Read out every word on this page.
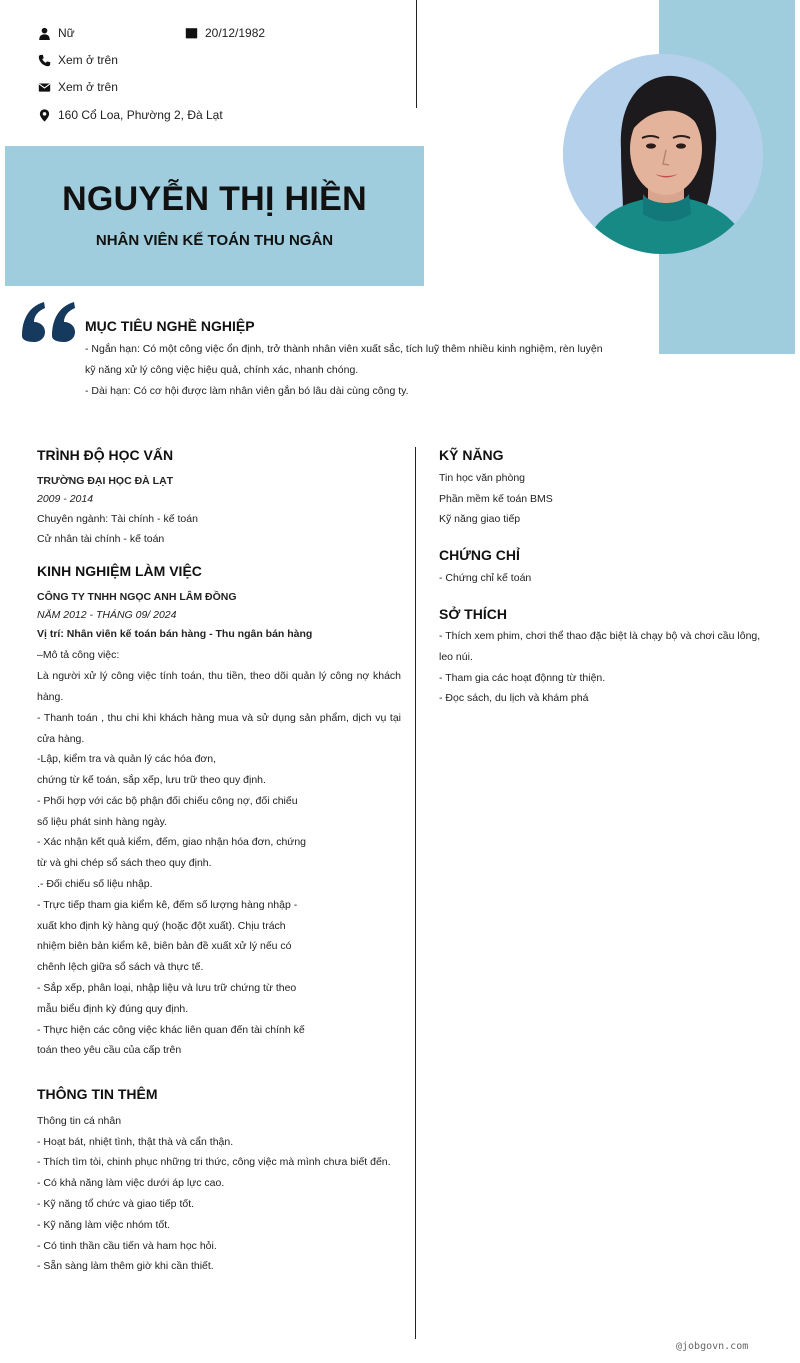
Nữ	20/12/1982
Xem ở trên
Xem ở trên
160 Cổ Loa, Phường 2, Đà Lạt
NGUYỄN THỊ HIỀN
NHÂN VIÊN KẾ TOÁN THU NGÂN
MỤC TIÊU NGHỀ NGHIỆP
- Ngắn hạn: Có một công việc ổn định, trở thành nhân viên xuất sắc, tích luỹ thêm nhiều kinh nghiệm, rèn luyện
kỹ năng xử lý công việc hiệu quả, chính xác, nhanh chóng.
- Dài hạn: Có cơ hội được làm nhân viên gắn bó lâu dài cùng công ty.
TRÌNH ĐỘ HỌC VẤN
TRƯỜNG ĐẠI HỌC ĐÀ LẠT
2009 - 2014
Chuyên ngành: Tài chính - kế toán
Cử nhân tài chính - kế toán
KINH NGHIỆM LÀM VIỆC
CÔNG TY TNHH NGỌC ANH LÂM ĐỒNG
NĂM 2012 - THÁNG 09/ 2024
Vị trí: Nhân viên kế toán bán hàng - Thu ngân bán hàng
–Mô tả công việc:
Là người xử lý công việc tính toán, thu tiền, theo dõi quản lý công nợ khách hàng.
- Thanh toán , thu chi khi khách hàng mua và sử dụng sản phẩm, dịch vụ tại cửa hàng.
-Lập, kiểm tra và quản lý các hóa đơn,
chứng từ kế toán, sắp xếp, lưu trữ theo quy định.
- Phối hợp với các bộ phận đối chiếu công nợ, đối chiếu
số liệu phát sinh hàng ngày.
- Xác nhận kết quả kiểm, đếm, giao nhận hóa đơn, chứng
từ và ghi chép sổ sách theo quy định.
.- Đối chiếu số liệu nhập.
- Trực tiếp tham gia kiểm kê, đếm số lượng hàng nhập -
xuất kho định kỳ hàng quý (hoặc đột xuất). Chịu trách
nhiệm biên bản kiểm kê, biên bản đề xuất xử lý nếu có
chênh lệch giữa sổ sách và thực tế.
- Sắp xếp, phân loại, nhập liệu và lưu trữ chứng từ theo
mẫu biểu định kỳ đúng quy định.
- Thực hiện các công việc khác liên quan đến tài chính kế
toán theo yêu cầu của cấp trên
THÔNG TIN THÊM
Thông tin cá nhân
- Hoạt bát, nhiệt tình, thật thà và cẩn thận.
- Thích tìm tòi, chinh phục những tri thức, công việc mà mình chưa biết đến.
- Có khả năng làm việc dưới áp lực cao.
- Kỹ năng tổ chức và giao tiếp tốt.
- Kỹ năng làm việc nhóm tốt.
- Có tinh thần cầu tiến và ham học hỏi.
- Sẵn sàng làm thêm giờ khi cần thiết.
KỸ NĂNG
Tin học văn phòng
Phần mềm kế toán BMS
Kỹ năng giao tiếp
CHỨNG CHỈ
- Chứng chỉ kế toán
SỞ THÍCH
- Thích xem phim, chơi thể thao đặc biệt là chạy bộ và chơi cầu lông,
leo núi.
- Tham gia các hoạt độnng từ thiện.
- Đọc sách, du lịch và khám phá
@jobgovn.com
